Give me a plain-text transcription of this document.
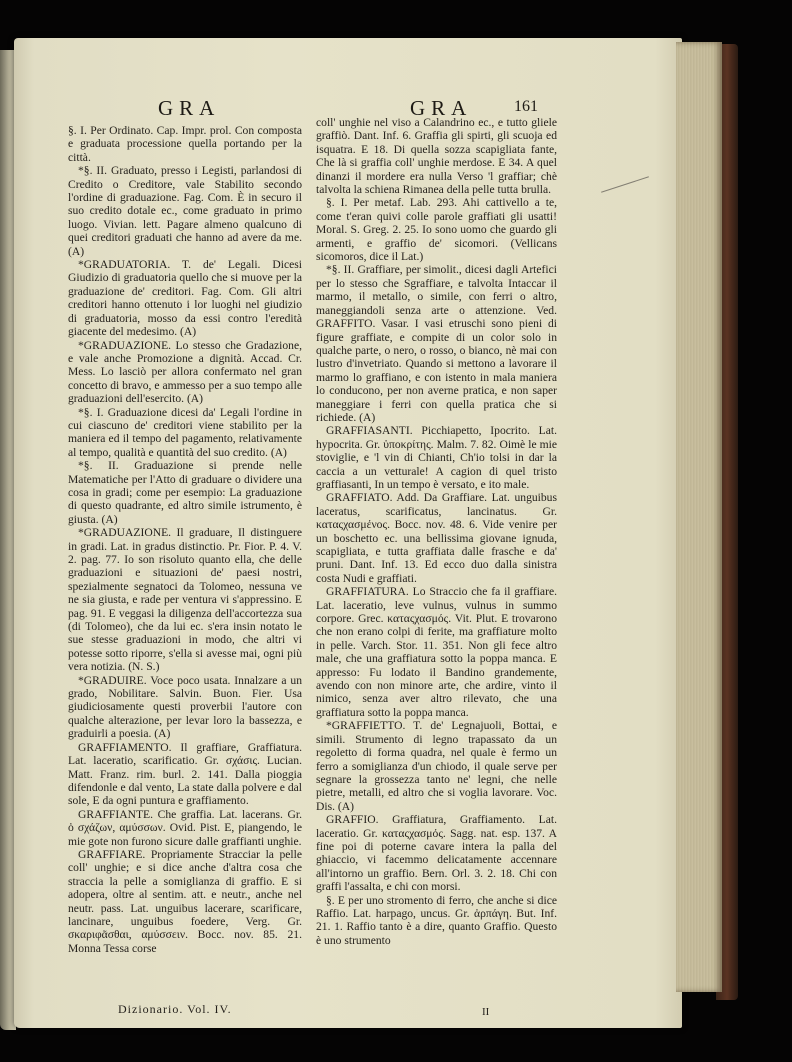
GRA	GRA	161

§. I. Per Ordinato. Cap. Impr. prol. Con composta e graduata processione quella portando per la città.

*§. II. Graduato, presso i Legisti, parlandosi di Credito o Creditore, vale Stabilito secondo l'ordine di graduazione. Fag. Com. È in securo il suo credito dotale ec., come graduato in primo luogo. Vivian. lett. Pagare almeno qualcuno di quei creditori graduati che hanno ad avere da me. (A)

*GRADUATORIA. T. de' Legali. Dicesi Giudizio di graduatoria quello che si muove per la graduazione de' creditori. Fag. Com. Gli altri creditori hanno ottenuto i lor luoghi nel giudizio di graduatoria, mosso da essi contro l'eredità giacente del medesimo. (A)

*GRADUAZIONE. Lo stesso che Gradazione, e vale anche Promozione a dignità. Accad. Cr. Mess. Lo lasciò per allora confermato nel gran concetto di bravo, e ammesso per a suo tempo alle graduazioni dell'esercito. (A)

*§. I. Graduazione dicesi da' Legali l'ordine in cui ciascuno de' creditori viene stabilito per la maniera ed il tempo del pagamento, relativamente al tempo, qualità e quantità del suo credito. (A)

*§. II. Graduazione si prende nelle Matematiche per l'Atto di graduare o dividere una cosa in gradi; come per esempio: La graduazione di questo quadrante, ed altro simile istrumento, è giusta. (A)

*GRADUAZIONE. Il graduare, Il distinguere in gradi. Lat. in gradus distinctio. Pr. Fior. P. 4. V. 2. pag. 77. Io son risoluto quanto ella, che delle graduazioni e situazioni de' paesi nostri, spezialmente segnatoci da Tolomeo, nessuna ve ne sia giusta, e rade per ventura vi s'appressino. E pag. 91. E veggasi la diligenza dell'accortezza sua (di Tolomeo), che da lui ec. s'era insin notato le sue stesse graduazioni in modo, che altri vi potesse sotto riporre, s'ella si avesse mai, ogni più vera notizia. (N. S.)

*GRADUIRE. Voce poco usata. Innalzare a un grado, Nobilitare. Salvin. Buon. Fier. Usa giudiciosamente questi proverbii l'autore con qualche alterazione, per levar loro la bassezza, e graduirli a poesia. (A)

GRAFFIAMENTO. Il graffiare, Graffiatura. Lat. laceratio, scarificatio. Gr. σχάσις. Lucian. Matt. Franz. rim. burl. 2. 141. Dalla pioggia difendonle e dal vento, La state dalla polvere e dal sole, E da ogni puntura e graffiamento.

GRAFFIANTE. Che graffia. Lat. lacerans. Gr. ὁ σχάζων, αμύσσων. Ovid. Pist. E, piangendo, le mie gote non furono sicure dalle graffianti unghie.

GRAFFIARE. Propriamente Stracciar la pelle coll' unghie; e si dice anche d'altra cosa che straccia la pelle a somiglianza di graffio. E si adopera, oltre al sentim. att. e neutr., anche nel neutr. pass. Lat. unguibus lacerare, scarificare, lancinare, unguibus foedere, Verg. Gr. σκαριφᾶσθαι, αμύσσειν. Bocc. nov. 85. 21. Monna Tessa corse

coll' unghie nel viso a Calandrino ec., e tutto gliele graffiò. Dant. Inf. 6. Graffia gli spirti, gli scuoja ed isquatra. E 18. Di quella sozza scapigliata fante, Che là si graffia coll' unghie merdose. E 34. A quel dinanzi il mordere era nulla Verso 'l graffiar; chè talvolta la schiena Rimanea della pelle tutta brulla.

§. I. Per metaf. Lab. 293. Ahi cattivello a te, come t'eran quivi colle parole graffiati gli usatti! Moral. S. Greg. 2. 25. Io sono uomo che guardo gli armenti, e graffio de' sicomori. (Vellicans sicomoros, dice il Lat.)

*§. II. Graffiare, per simolit., dicesi dagli Artefici per lo stesso che Sgraffiare, e talvolta Intaccar il marmo, il metallo, o simile, con ferri o altro, maneggiandoli senza arte o attenzione. Ved. GRAFFITO. Vasar. I vasi etruschi sono pieni di figure graffiate, e compite di un color solo in qualche parte, o nero, o rosso, o bianco, nè mai con lustro d'invetriato. Quando si mettono a lavorare il marmo lo graffiano, e con istento in mala maniera lo conducono, per non averne pratica, e non saper maneggiare i ferri con quella pratica che si richiede. (A)

GRAFFIASANTI. Picchiapetto, Ipocrito. Lat. hypocrita. Gr. ὑποκρίτης. Malm. 7. 82. Oimè le mie stoviglie, e 'l vin di Chianti, Ch'io tolsi in dar la caccia a un vetturale! A cagion di quel tristo graffiasanti, In un tempo è versato, e ito male.

GRAFFIATO. Add. Da Graffiare. Lat. unguibus laceratus, scarificatus, lancinatus. Gr. καταςχασμένος. Bocc. nov. 48. 6. Vide venire per un boschetto ec. una bellissima giovane ignuda, scapigliata, e tutta graffiata dalle frasche e da' pruni. Dant. Inf. 13. Ed ecco duo dalla sinistra costa Nudi e graffiati.

GRAFFIATURA. Lo Straccio che fa il graffiare. Lat. laceratio, leve vulnus, vulnus in summo corpore. Grec. καταςχασμός. Vit. Plut. E trovarono che non erano colpi di ferite, ma graffiature molto in pelle. Varch. Stor. 11. 351. Non gli fece altro male, che una graffiatura sotto la poppa manca. E appresso: Fu lodato il Bandino grandemente, avendo con non minore arte, che ardire, vinto il nimico, senza aver altro rilevato, che una graffiatura sotto la poppa manca.

*GRAFFIETTO. T. de' Legnajuoli, Bottai, e simili. Strumento di legno trapassato da un regoletto di forma quadra, nel quale è fermo un ferro a somiglianza d'un chiodo, il quale serve per segnare la grossezza tanto ne' legni, che nelle pietre, metalli, ed altro che si voglia lavorare. Voc. Dis. (A)

GRAFFIO. Graffiatura, Graffiamento. Lat. laceratio. Gr. καταςχασμός. Sagg. nat. esp. 137. A fine poi di poterne cavare intera la palla del ghiaccio, vi facemmo delicatamente accennare all'intorno un graffio. Bern. Orl. 3. 2. 18. Chi con graffi l'assalta, e chi con morsi.

§. E per uno stromento di ferro, che anche si dice Raffio. Lat. harpago, uncus. Gr. ἁρπάγη. But. Inf. 21. 1. Raffio tanto è a dire, quanto Graffio. Questo è uno strumento

Dizionario. Vol. IV.	II
